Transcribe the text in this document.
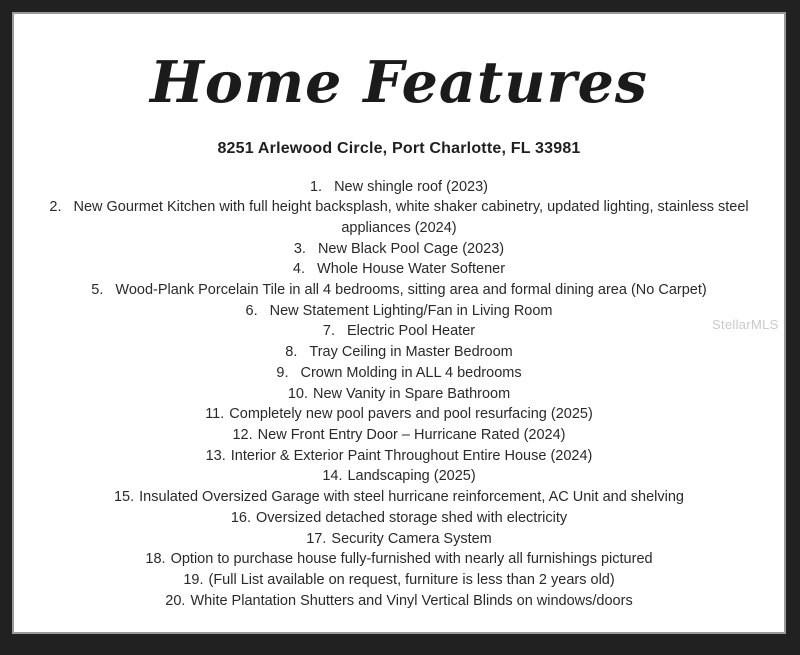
Home Features
8251 Arlewood Circle, Port Charlotte, FL 33981
1. New shingle roof (2023)
2. New Gourmet Kitchen with full height backsplash, white shaker cabinetry, updated lighting, stainless steel appliances (2024)
3. New Black Pool Cage (2023)
4. Whole House Water Softener
5. Wood-Plank Porcelain Tile in all 4 bedrooms, sitting area and formal dining area (No Carpet)
6. New Statement Lighting/Fan in Living Room
7. Electric Pool Heater
8. Tray Ceiling in Master Bedroom
9. Crown Molding in ALL 4 bedrooms
10. New Vanity in Spare Bathroom
11. Completely new pool pavers and pool resurfacing (2025)
12. New Front Entry Door – Hurricane Rated (2024)
13. Interior & Exterior Paint Throughout Entire House (2024)
14. Landscaping (2025)
15. Insulated Oversized Garage with steel hurricane reinforcement, AC Unit and shelving
16. Oversized detached storage shed with electricity
17. Security Camera System
18. Option to purchase house fully-furnished with nearly all furnishings pictured
19. (Full List available on request, furniture is less than 2 years old)
20. White Plantation Shutters and Vinyl Vertical Blinds on windows/doors
StellarMLS
